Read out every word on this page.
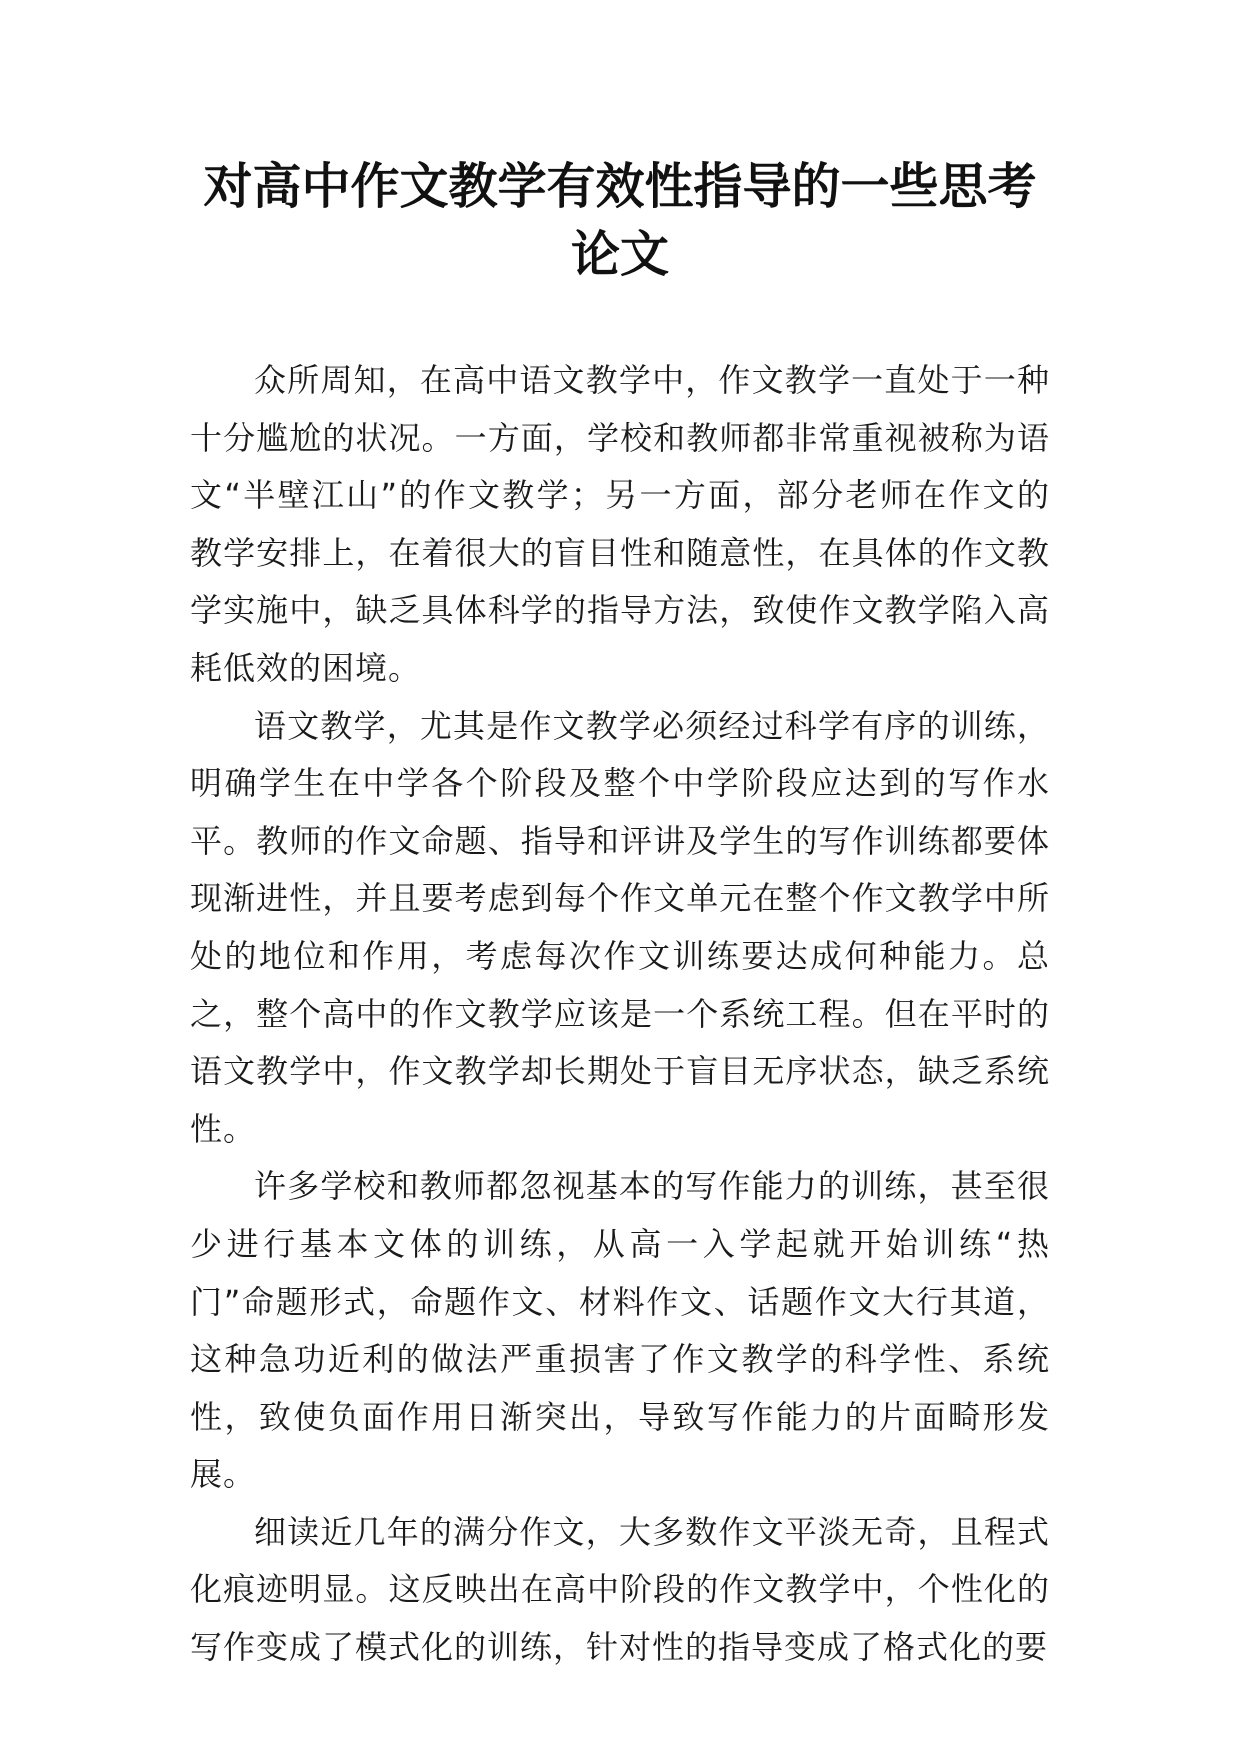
对高中作文教学有效性指导的一些思考论文

众所周知，在高中语文教学中，作文教学一直处于一种十分尴尬的状况。一方面，学校和教师都非常重视被称为语文“半壁江山”的作文教学；另一方面，部分老师在作文的教学安排上，在着很大的盲目性和随意性，在具体的作文教学实施中，缺乏具体科学的指导方法，致使作文教学陷入高耗低效的困境。

语文教学，尤其是作文教学必须经过科学有序的训练，明确学生在中学各个阶段及整个中学阶段应达到的写作水平。教师的作文命题、指导和评讲及学生的写作训练都要体现渐进性，并且要考虑到每个作文单元在整个作文教学中所处的地位和作用，考虑每次作文训练要达成何种能力。总之，整个高中的作文教学应该是一个系统工程。但在平时的语文教学中，作文教学却长期处于盲目无序状态，缺乏系统性。

许多学校和教师都忽视基本的写作能力的训练，甚至很少进行基本文体的训练，从高一入学起就开始训练“热门”命题形式，命题作文、材料作文、话题作文大行其道，这种急功近利的做法严重损害了作文教学的科学性、系统性，致使负面作用日渐突出，导致写作能力的片面畸形发展。

细读近几年的满分作文，大多数作文平淡无奇，且程式化痕迹明显。这反映出在高中阶段的作文教学中，个性化的写作变成了模式化的训练，针对性的指导变成了格式化的要
